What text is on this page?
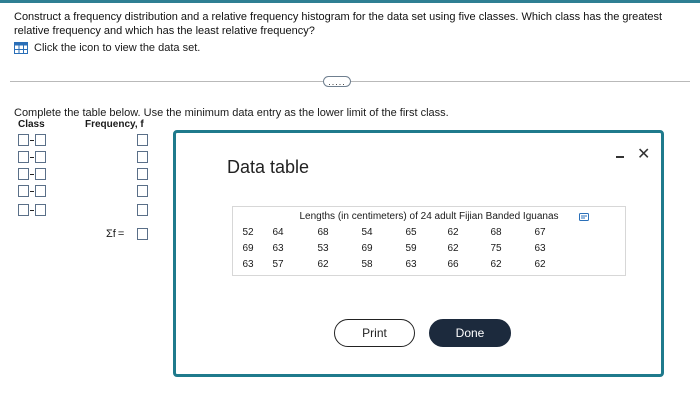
Construct a frequency distribution and a relative frequency histogram for the data set using five classes. Which class has the greatest relative frequency and which has the least relative frequency?
Click the icon to view the data set.
.....
Complete the table below. Use the minimum data entry as the lower limit of the first class.
Class	Frequency, f
Σf =
Data table
✕
Lengths (in centimeters) of 24 adult Fijian Banded Iguanas
52	64	68	54	65	62	68	67
69	63	53	69	59	62	75	63
63	57	62	58	63	66	62	62
Print	Done
